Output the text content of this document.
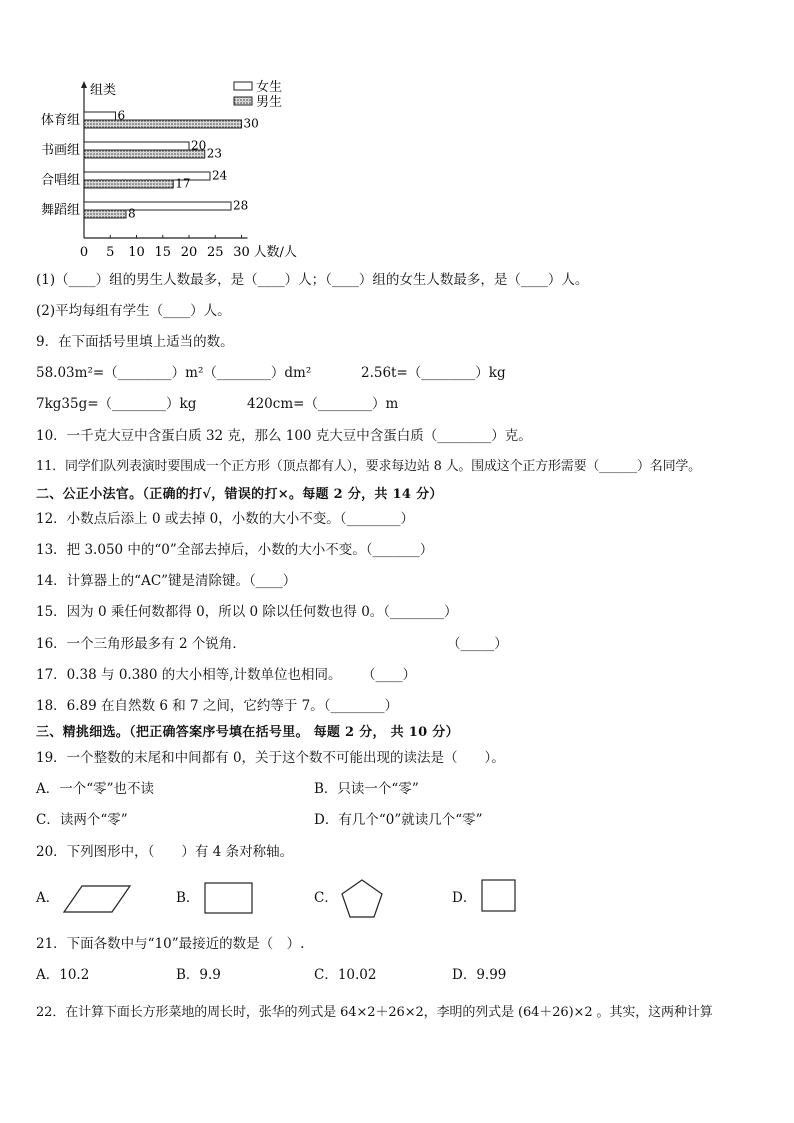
组类
0 5 10 15 20 25 30 人数/人
体育组	6
30
书画组	20
23
合唱组	24
17
舞蹈组	28
8
女生
男生
(1)（____）组的男生人数最多，是（____）人；（____）组的女生人数最多，是（____）人。
(2)平均每组有学生（____）人。
9．在下面括号里填上适当的数。
58.03m²=（________）m²（________）dm²	2.56t=（________）kg
7kg35g=（________）kg	420cm=（________）m
10．一千克大豆中含蛋白质 32 克，那么 100 克大豆中含蛋白质（________）克。
11．同学们队列表演时要围成一个正方形（顶点都有人），要求每边站 8 人。围成这个正方形需要（______）名同学。
二、公正小法官。（正确的打√，错误的打×。每题 2 分，共 14 分）
12．小数点后添上 0 或去掉 0，小数的大小不变。（________）
13．把 3.050 中的“0”全部去掉后，小数的大小不变。（_______）
14．计算器上的“AC”键是清除键。（____）
15．因为 0 乘任何数都得 0，所以 0 除以任何数也得 0。（________）
16．一个三角形最多有 2 个锐角．	（_____）
17．0.38 与 0.380 的大小相等,计数单位也相同。 （____）
18．6.89 在自然数 6 和 7 之间，它约等于 7。（________）
三、精挑细选。（把正确答案序号填在括号里。 每题 2 分， 共 10 分）
19．一个整数的末尾和中间都有 0，关于这个数不可能出现的读法是（　　）。
A．一个“零”也不读	B．只读一个“零”
C．读两个“零”	D．有几个“0”就读几个“零”
20．下列图形中，（　　）有 4 条对称轴。
A．	B．	C．	D．
21．下面各数中与“10”最接近的数是（　）.
A．10.2	B．9.9	C．10.02	D．9.99
22．在计算下面长方形菜地的周长时，张华的列式是 64×2＋26×2，李明的列式是 (64＋26)×2 。其实，这两种计算
